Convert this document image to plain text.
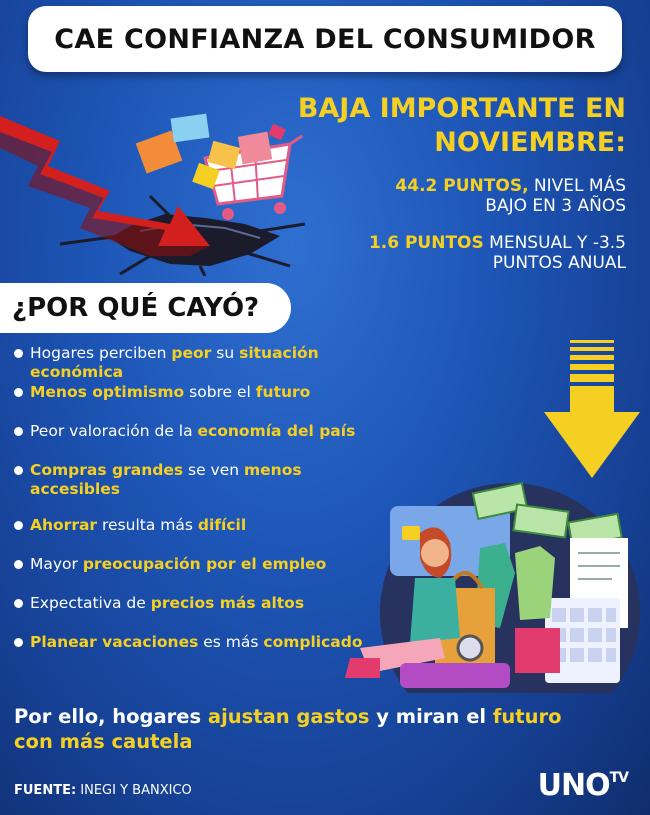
CAE CONFIANZA DEL CONSUMIDOR
BAJA IMPORTANTE EN
NOVIEMBRE:
44.2 PUNTOS, NIVEL MÁS
BAJO EN 3 AÑOS
1.6 PUNTOS MENSUAL Y -3.5
PUNTOS ANUAL
¿POR QUÉ CAYÓ?
Hogares perciben peor su situación económica
Menos optimismo sobre el futuro
Peor valoración de la economía del país
Compras grandes se ven menos accesibles
Ahorrar resulta más difícil
Mayor preocupación por el empleo
Expectativa de precios más altos
Planear vacaciones es más complicado
Por ello, hogares ajustan gastos y miran el futuro
con más cautela
FUENTE: INEGI Y BANXICO	$UNO^{TV}$
